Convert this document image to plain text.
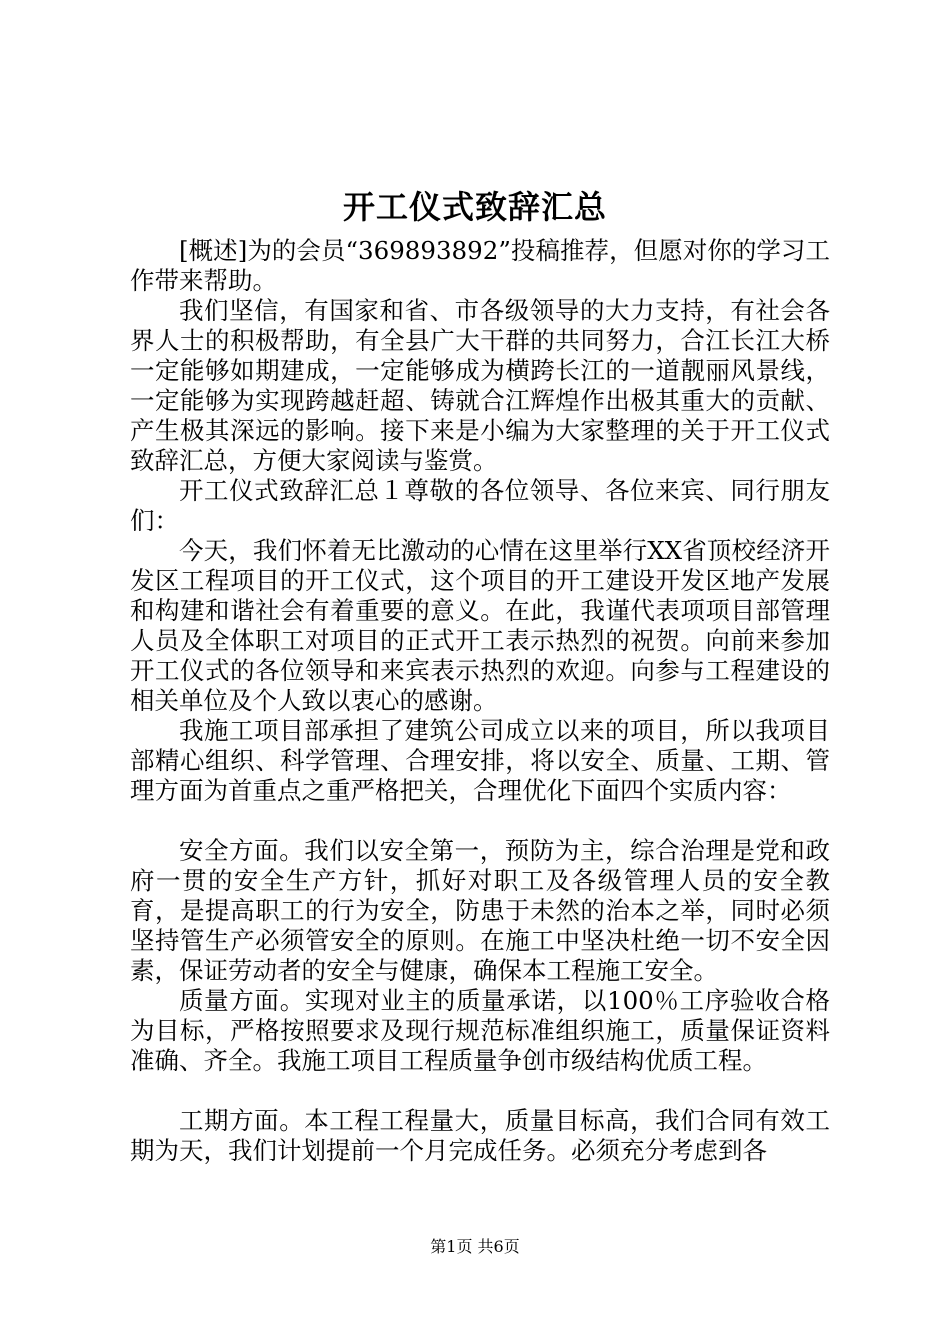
开工仪式致辞汇总

[概述]为的会员“369893892”投稿推荐，但愿对你的学习工作带来帮助。

我们坚信，有国家和省、市各级领导的大力支持，有社会各界人士的积极帮助，有全县广大干群的共同努力，合江长江大桥一定能够如期建成，一定能够成为横跨长江的一道靓丽风景线，一定能够为实现跨越赶超、铸就合江辉煌作出极其重大的贡献、产生极其深远的影响。接下来是小编为大家整理的关于开工仪式致辞汇总，方便大家阅读与鉴赏。

开工仪式致辞汇总１尊敬的各位领导、各位来宾、同行朋友们：

今天，我们怀着无比激动的心情在这里举行XX省顶校经济开发区工程项目的开工仪式，这个项目的开工建设开发区地产发展和构建和谐社会有着重要的意义。在此，我谨代表项项目部管理人员及全体职工对项目的正式开工表示热烈的祝贺。向前来参加开工仪式的各位领导和来宾表示热烈的欢迎。向参与工程建设的相关单位及个人致以衷心的感谢。

我施工项目部承担了建筑公司成立以来的项目，所以我项目部精心组织、科学管理、合理安排，将以安全、质量、工期、管理方面为首重点之重严格把关，合理优化下面四个实质内容：

安全方面。我们以安全第一，预防为主，综合治理是党和政府一贯的安全生产方针，抓好对职工及各级管理人员的安全教育，是提高职工的行为安全，防患于未然的治本之举，同时必须坚持管生产必须管安全的原则。在施工中坚决杜绝一切不安全因素，保证劳动者的安全与健康，确保本工程施工安全。

质量方面。实现对业主的质量承诺，以100％工序验收合格为目标，严格按照要求及现行规范标准组织施工，质量保证资料准确、齐全。我施工项目工程质量争创市级结构优质工程。

工期方面。本工程工程量大，质量目标高，我们合同有效工期为天，我们计划提前一个月完成任务。必须充分考虑到各

第1页 共6页
